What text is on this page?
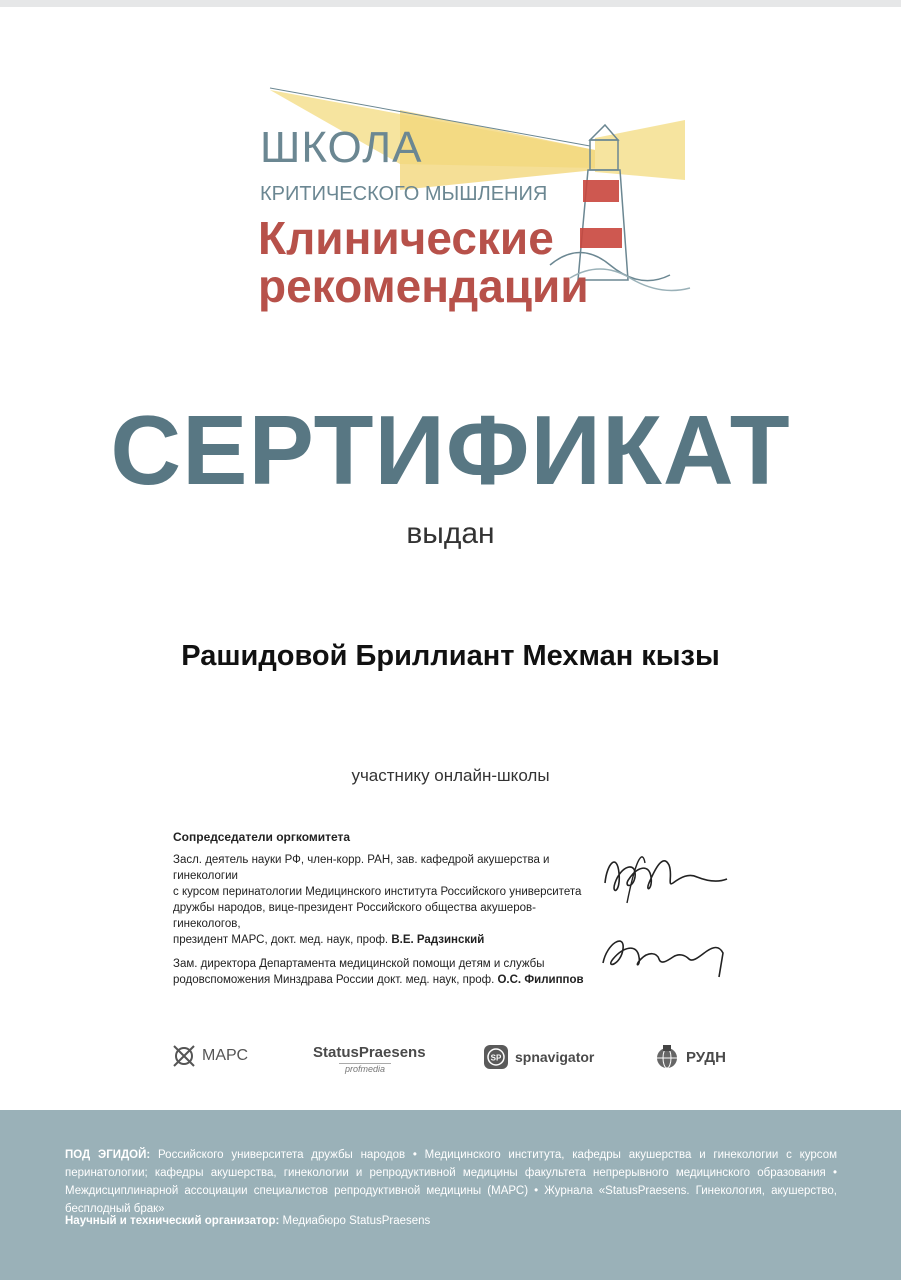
ШКОЛА
КРИТИЧЕСКОГО МЫШЛЕНИЯ
Клинические
рекомендации
СЕРТИФИКАТ
выдан
Рашидовой Бриллиант Мехман кызы
участнику онлайн-школы
Сопредседатели оргкомитета

Засл. деятель науки РФ, член-корр. РАН, зав. кафедрой акушерства и гинекологии
с курсом перинатологии Медицинского института Российского университета
дружбы народов, вице-президент Российского общества акушеров-гинекологов,
президент МАРС, докт. мед. наук, проф. В.Е. Радзинский

Зам. директора Департамента медицинской помощи детям и службы
родовспоможения Минздрава России докт. мед. наук, проф. О.С. Филиппов

МАРС	StatusPraesens
profmedia
SP spnavigator	РУДН
ПОД ЭГИДОЙ: Российского университета дружбы народов • Медицинского института, кафедры акушерства и гинекологии с курсом перинатологии; кафедры акушерства, гинекологии и репродуктивной медицины факультета непрерывного медицинского образования • Междисциплинарной ассоциации специалистов репродуктивной медицины (МАРС) • Журнала «StatusPraesens. Гинекология, акушерство, бесплодный брак»
Научный и технический организатор: Медиабюро StatusPraesens
